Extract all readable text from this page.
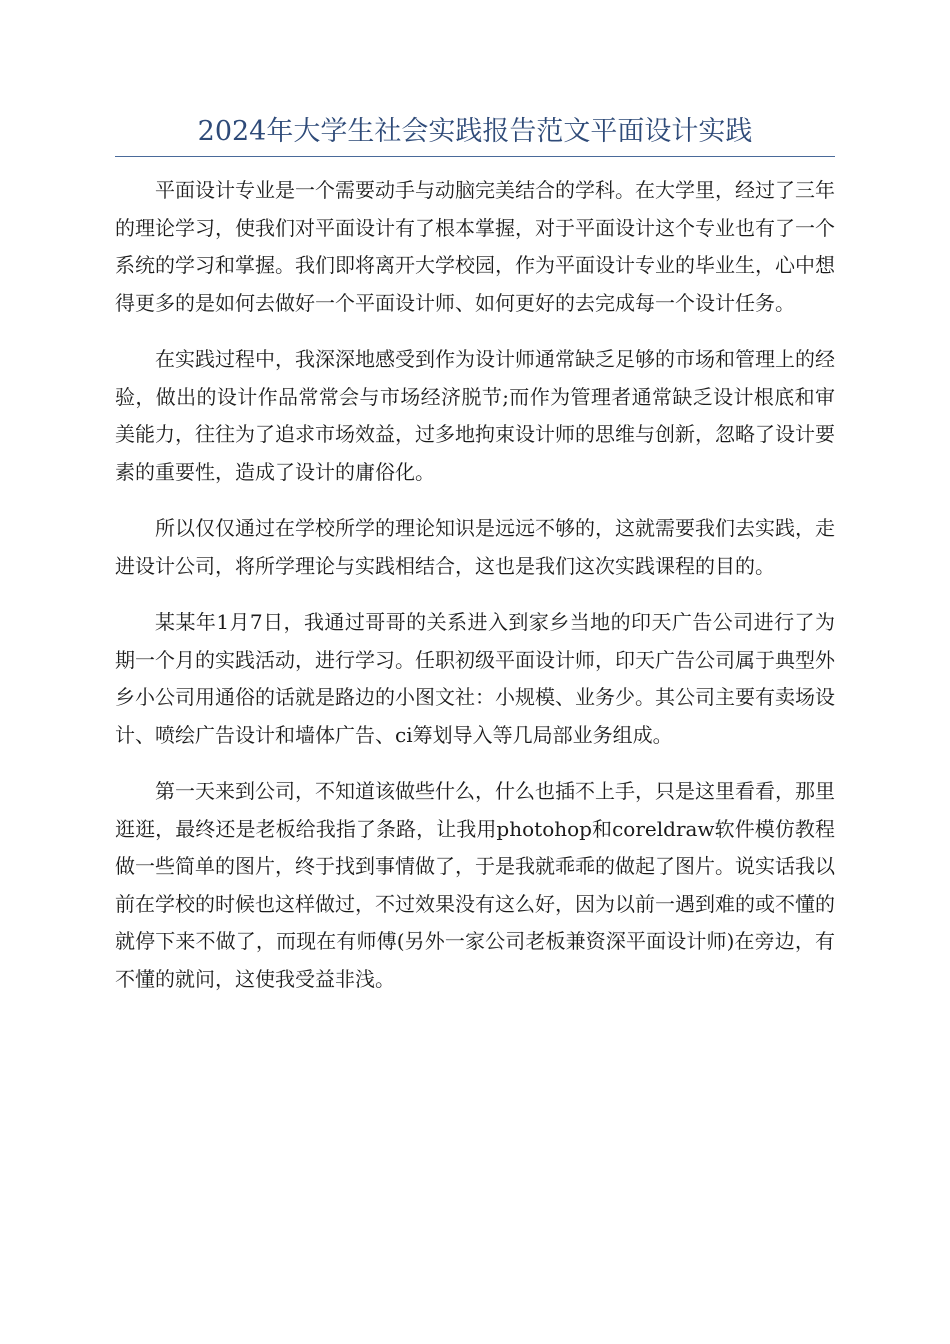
2024年大学生社会实践报告范文平面设计实践

平面设计专业是一个需要动手与动脑完美结合的学科。在大学里，经过了三年的理论学习，使我们对平面设计有了根本掌握，对于平面设计这个专业也有了一个系统的学习和掌握。我们即将离开大学校园，作为平面设计专业的毕业生，心中想得更多的是如何去做好一个平面设计师、如何更好的去完成每一个设计任务。

在实践过程中，我深深地感受到作为设计师通常缺乏足够的市场和管理上的经验，做出的设计作品常常会与市场经济脱节;而作为管理者通常缺乏设计根底和审美能力，往往为了追求市场效益，过多地拘束设计师的思维与创新，忽略了设计要素的重要性，造成了设计的庸俗化。

所以仅仅通过在学校所学的理论知识是远远不够的，这就需要我们去实践，走进设计公司，将所学理论与实践相结合，这也是我们这次实践课程的目的。

某某年1月7日，我通过哥哥的关系进入到家乡当地的印天广告公司进行了为期一个月的实践活动，进行学习。任职初级平面设计师，印天广告公司属于典型外乡小公司用通俗的话就是路边的小图文社：小规模、业务少。其公司主要有卖场设计、喷绘广告设计和墙体广告、ci筹划导入等几局部业务组成。

第一天来到公司，不知道该做些什么，什么也插不上手，只是这里看看，那里逛逛，最终还是老板给我指了条路，让我用photohop和coreldraw软件模仿教程做一些简单的图片，终于找到事情做了，于是我就乖乖的做起了图片。说实话我以前在学校的时候也这样做过，不过效果没有这么好，因为以前一遇到难的或不懂的就停下来不做了，而现在有师傅(另外一家公司老板兼资深平面设计师)在旁边，有不懂的就问，这使我受益非浅。
